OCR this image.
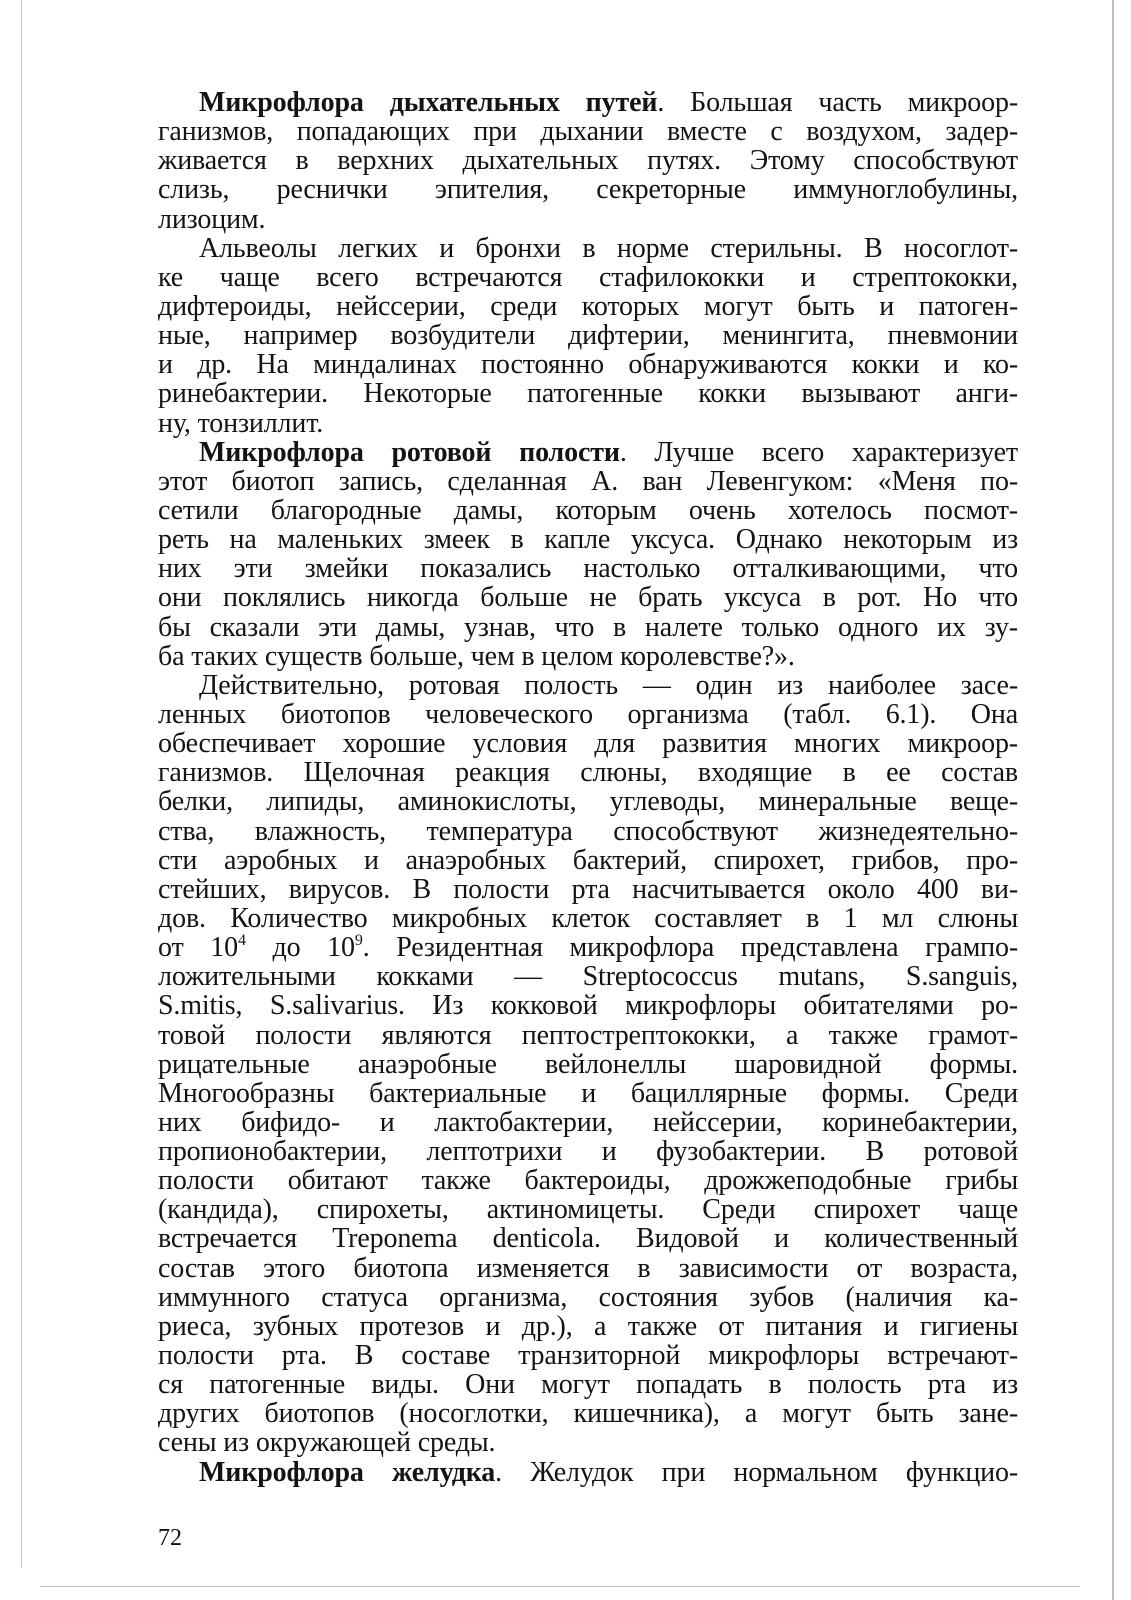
Микрофлора дыхательных путей. Большая часть микроор-
ганизмов, попадающих при дыхании вместе с воздухом, задер-
живается в верхних дыхательных путях. Этому способствуют
слизь, реснички эпителия, секреторные иммуноглобулины,
лизоцим.
Альвеолы легких и бронхи в норме стерильны. В носоглот-
ке чаще всего встречаются стафилококки и стрептококки,
дифтероиды, нейссерии, среди которых могут быть и патоген-
ные, например возбудители дифтерии, менингита, пневмонии
и др. На миндалинах постоянно обнаруживаются кокки и ко-
ринебактерии. Некоторые патогенные кокки вызывают анги-
ну, тонзиллит.
Микрофлора ротовой полости. Лучше всего характеризует
этот биотоп запись, сделанная А. ван Левенгуком: «Меня по-
сетили благородные дамы, которым очень хотелось посмот-
реть на маленьких змеек в капле уксуса. Однако некоторым из
них эти змейки показались настолько отталкивающими, что
они поклялись никогда больше не брать уксуса в рот. Но что
бы сказали эти дамы, узнав, что в налете только одного их зу-
ба таких существ больше, чем в целом королевстве?».
Действительно, ротовая полость — один из наиболее засе-
ленных биотопов человеческого организма (табл. 6.1). Она
обеспечивает хорошие условия для развития многих микроор-
ганизмов. Щелочная реакция слюны, входящие в ее состав
белки, липиды, аминокислоты, углеводы, минеральные веще-
ства, влажность, температура способствуют жизнедеятельно-
сти аэробных и анаэробных бактерий, спирохет, грибов, про-
стейших, вирусов. В полости рта насчитывается около 400 ви-
дов. Количество микробных клеток составляет в 1 мл слюны
от $10^4$ до $10^9$. Резидентная микрофлора представлена грампо-
ложительными кокками — Streptococcus mutans, S.sanguis,
S.mitis, S.salivarius. Из кокковой микрофлоры обитателями ро-
товой полости являются пептострептококки, а также грамот-
рицательные анаэробные вейлонеллы шаровидной формы.
Многообразны бактериальные и бациллярные формы. Среди
них бифидо- и лактобактерии, нейссерии, коринебактерии,
пропионобактерии, лептотрихи и фузобактерии. В ротовой
полости обитают также бактероиды, дрожжеподобные грибы
(кандида), спирохеты, актиномицеты. Среди спирохет чаще
встречается Treponema denticola. Видовой и количественный
состав этого биотопа изменяется в зависимости от возраста,
иммунного статуса организма, состояния зубов (наличия ка-
риеса, зубных протезов и др.), а также от питания и гигиены
полости рта. В составе транзиторной микрофлоры встречают-
ся патогенные виды. Они могут попадать в полость рта из
других биотопов (носоглотки, кишечника), а могут быть зане-
сены из окружающей среды.
Микрофлора желудка. Желудок при нормальном функцио-
72
